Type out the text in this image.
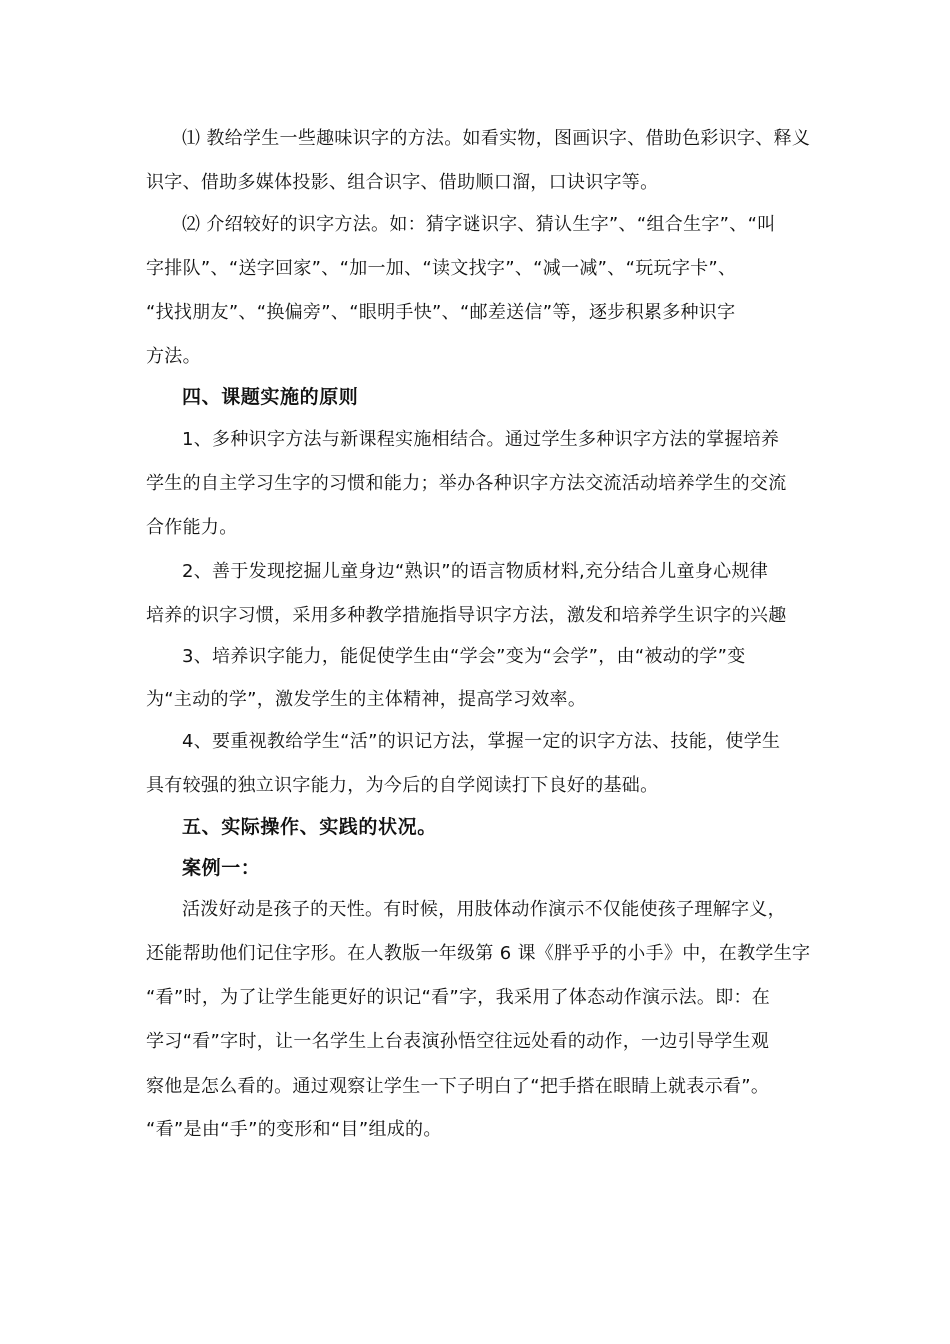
⑴ 教给学生一些趣味识字的方法。如看实物，图画识字、借助色彩识字、释义
识字、借助多媒体投影、组合识字、借助顺口溜，口诀识字等。
⑵ 介绍较好的识字方法。如：猜字谜识字、猜认生字”、“组合生字”、“叫
字排队”、“送字回家”、“加一加、“读文找字”、“减一减”、“玩玩字卡”、
“找找朋友”、“换偏旁”、“眼明手快”、“邮差送信”等，逐步积累多种识字
方法。
四、课题实施的原则
1、多种识字方法与新课程实施相结合。通过学生多种识字方法的掌握培养
学生的自主学习生字的习惯和能力；举办各种识字方法交流活动培养学生的交流
合作能力。
2、善于发现挖掘儿童身边“熟识”的语言物质材料,充分结合儿童身心规律
培养的识字习惯，采用多种教学措施指导识字方法，激发和培养学生识字的兴趣
3、培养识字能力，能促使学生由“学会”变为“会学”，由“被动的学”变
为“主动的学”，激发学生的主体精神，提高学习效率。
4、要重视教给学生“活”的识记方法，掌握一定的识字方法、技能，使学生
具有较强的独立识字能力，为今后的自学阅读打下良好的基础。
五、实际操作、实践的状况。
案例一：
活泼好动是孩子的天性。有时候，用肢体动作演示不仅能使孩子理解字义，
还能帮助他们记住字形。在人教版一年级第 6 课《胖乎乎的小手》中，在教学生字
“看”时，为了让学生能更好的识记“看”字，我采用了体态动作演示法。即：在
学习“看”字时，让一名学生上台表演孙悟空往远处看的动作，一边引导学生观
察他是怎么看的。通过观察让学生一下子明白了“把手搭在眼睛上就表示看”。
“看”是由“手”的变形和“目”组成的。
